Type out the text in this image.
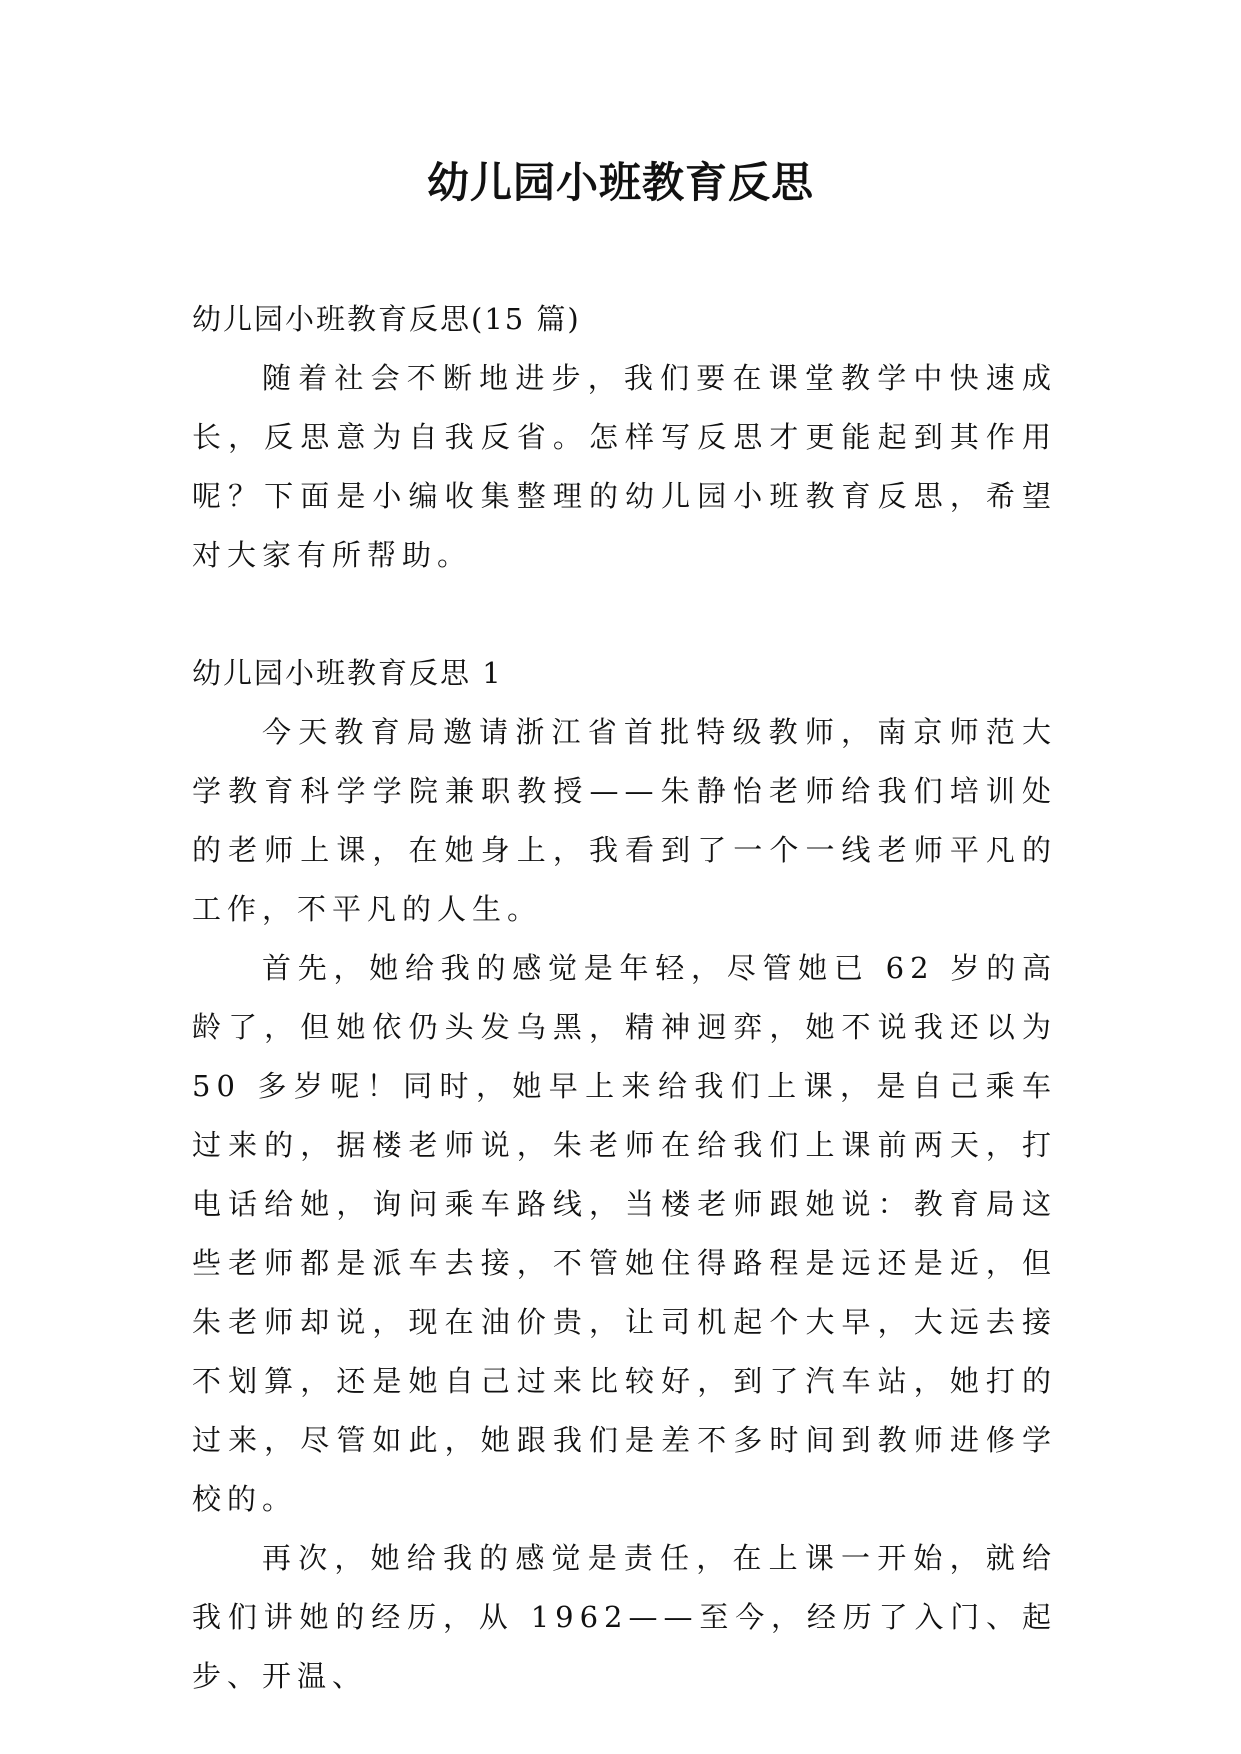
幼儿园小班教育反思

幼儿园小班教育反思(15 篇)

随着社会不断地进步，我们要在课堂教学中快速成长，反思意为自我反省。怎样写反思才更能起到其作用呢？下面是小编收集整理的幼儿园小班教育反思，希望对大家有所帮助。

幼儿园小班教育反思 1

今天教育局邀请浙江省首批特级教师，南京师范大学教育科学学院兼职教授——朱静怡老师给我们培训处的老师上课，在她身上，我看到了一个一线老师平凡的工作，不平凡的人生。

首先，她给我的感觉是年轻，尽管她已 62 岁的高龄了，但她依仍头发乌黑，精神迥弈，她不说我还以为 50 多岁呢！同时，她早上来给我们上课，是自己乘车过来的，据楼老师说，朱老师在给我们上课前两天，打电话给她，询问乘车路线，当楼老师跟她说：教育局这些老师都是派车去接，不管她住得路程是远还是近，但朱老师却说，现在油价贵，让司机起个大早，大远去接不划算，还是她自己过来比较好，到了汽车站，她打的过来，尽管如此，她跟我们是差不多时间到教师进修学校的。

再次，她给我的感觉是责任，在上课一开始，就给我们讲她的经历，从 1962——至今，经历了入门、起步、开温、
